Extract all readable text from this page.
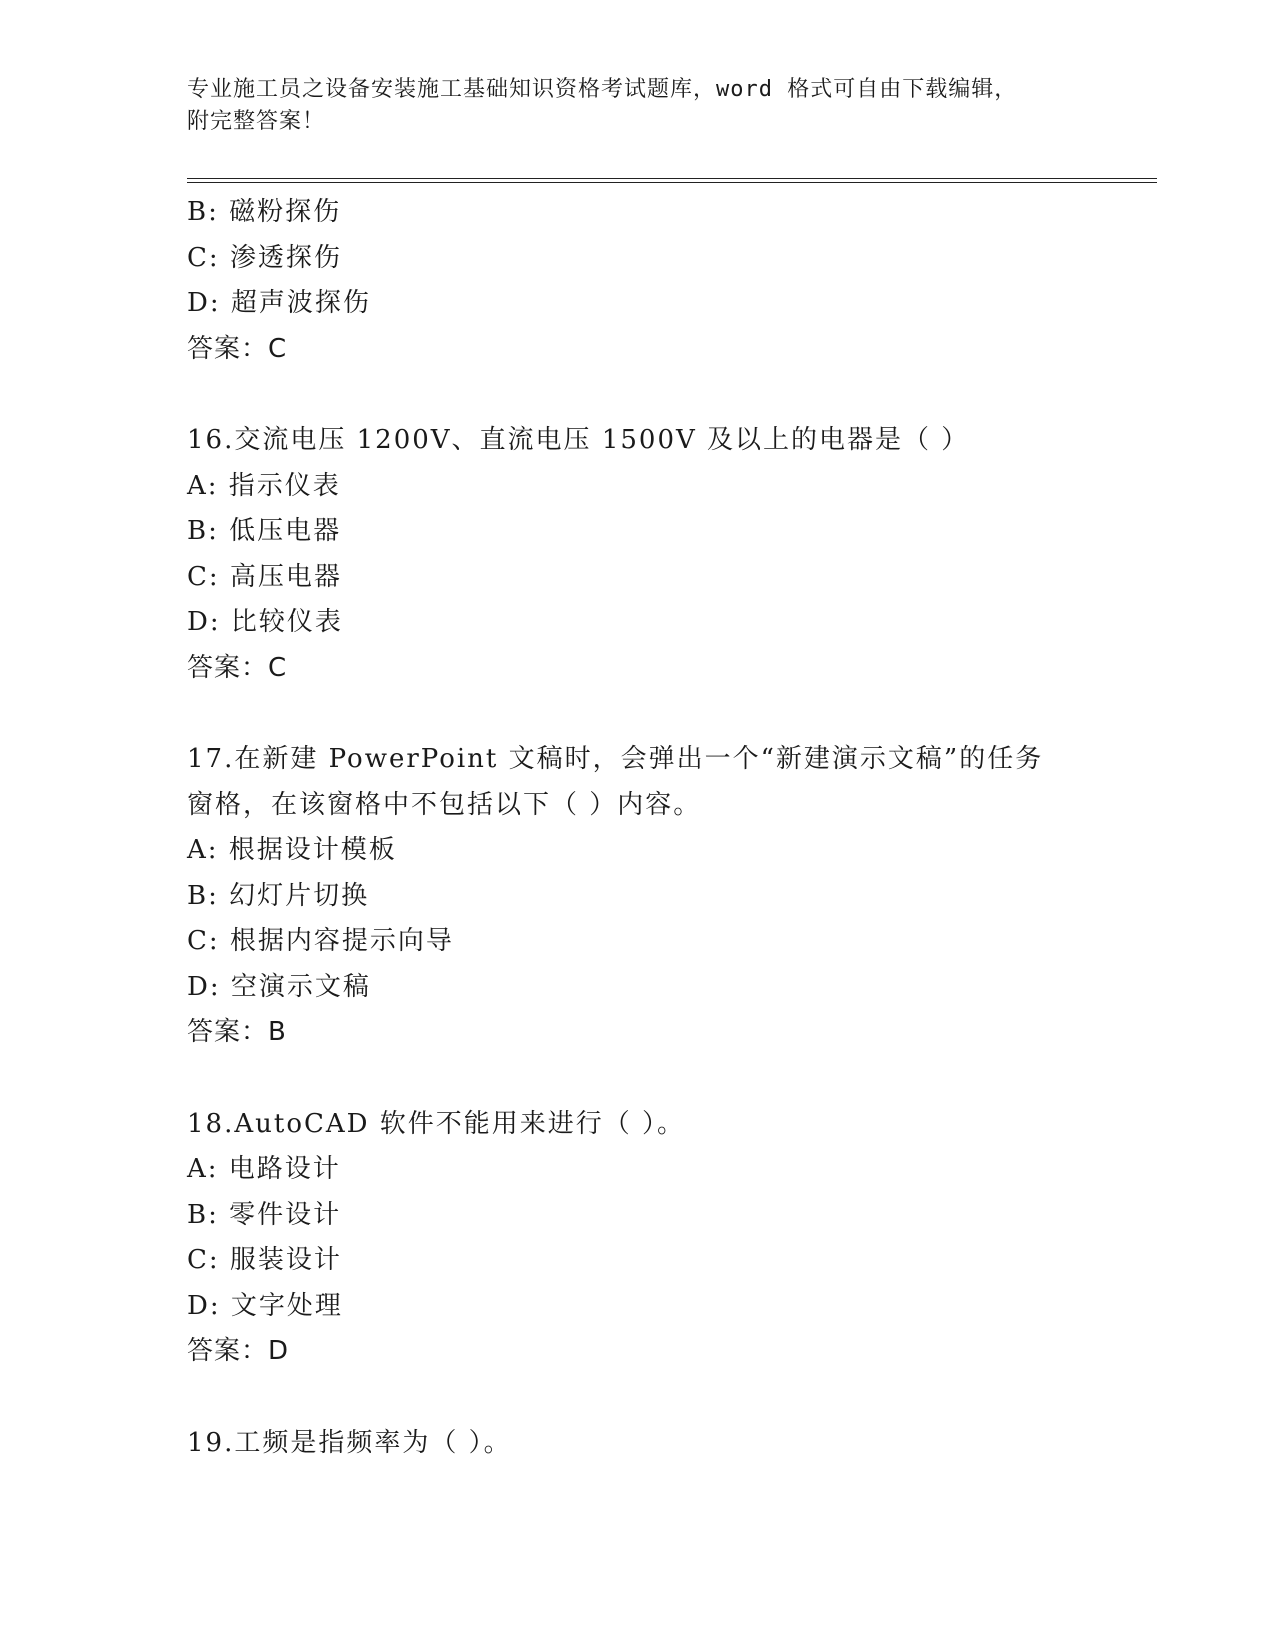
专业施工员之设备安装施工基础知识资格考试题库，word 格式可自由下载编辑，
附完整答案！
B: 磁粉探伤
C: 渗透探伤
D: 超声波探伤
答案：C
16.交流电压 1200V、直流电压 1500V 及以上的电器是（ ）
A: 指示仪表
B: 低压电器
C: 高压电器
D: 比较仪表
答案：C
17.在新建 PowerPoint 文稿时，会弹出一个“新建演示文稿”的任务
窗格，在该窗格中不包括以下（ ）内容。
A: 根据设计模板
B: 幻灯片切换
C: 根据内容提示向导
D: 空演示文稿
答案：B
18.AutoCAD 软件不能用来进行（ ）。
A: 电路设计
B: 零件设计
C: 服装设计
D: 文字处理
答案：D
19.工频是指频率为（ ）。
